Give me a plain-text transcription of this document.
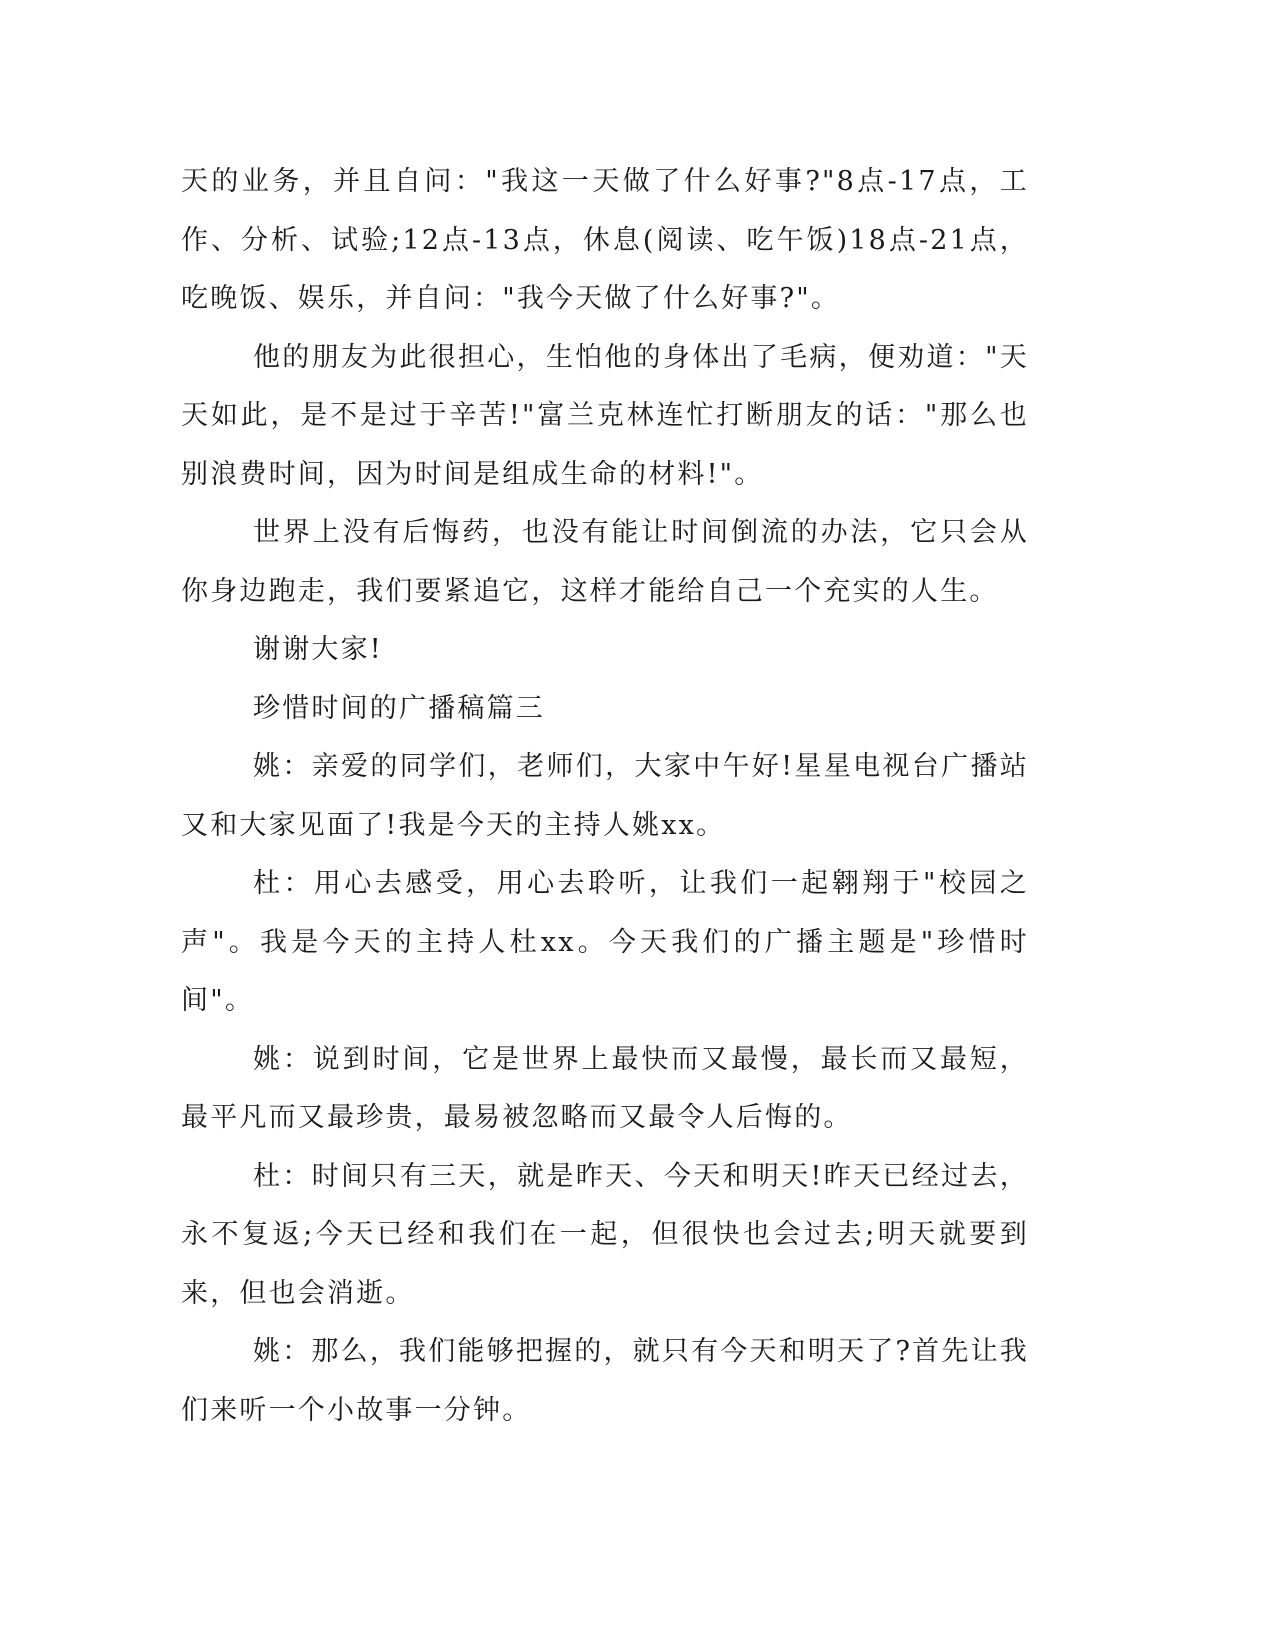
天的业务，并且自问："我这一天做了什么好事?"8点-17点，工作、分析、试验;12点-13点，休息(阅读、吃午饭)18点-21点，吃晚饭、娱乐，并自问："我今天做了什么好事?"。

他的朋友为此很担心，生怕他的身体出了毛病，便劝道："天天如此，是不是过于辛苦!"富兰克林连忙打断朋友的话："那么也别浪费时间，因为时间是组成生命的材料!"。

世界上没有后悔药，也没有能让时间倒流的办法，它只会从你身边跑走，我们要紧追它，这样才能给自己一个充实的人生。

谢谢大家!

珍惜时间的广播稿篇三

姚：亲爱的同学们，老师们，大家中午好!星星电视台广播站又和大家见面了!我是今天的主持人姚xx。

杜：用心去感受，用心去聆听，让我们一起翱翔于"校园之声"。我是今天的主持人杜xx。今天我们的广播主题是"珍惜时间"。

姚：说到时间，它是世界上最快而又最慢，最长而又最短，最平凡而又最珍贵，最易被忽略而又最令人后悔的。

杜：时间只有三天，就是昨天、今天和明天!昨天已经过去，永不复返;今天已经和我们在一起，但很快也会过去;明天就要到来，但也会消逝。

姚：那么，我们能够把握的，就只有今天和明天了?首先让我们来听一个小故事一分钟。
